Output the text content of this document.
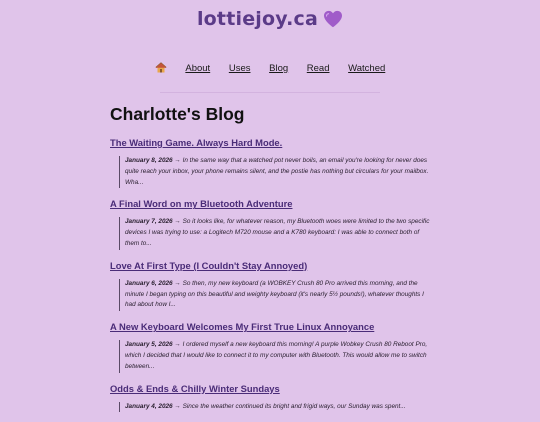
lottiejoy.ca
About Uses Blog Read Watched
Charlotte's Blog
The Waiting Game. Always Hard Mode.
January 8, 2026 → In the same way that a watched pot never boils, an email you're looking for never does quite reach your inbox, your phone remains silent, and the postie has nothing but circulars for your mailbox. Wha...
A Final Word on my Bluetooth Adventure
January 7, 2026 → So it looks like, for whatever reason, my Bluetooth woes were limited to the two specific devices I was trying to use: a Logitech M720 mouse and a K780 keyboard: I was able to connect both of them to...
Love At First Type (I Couldn't Stay Annoyed)
January 6, 2026 → So then, my new keyboard (a WOBKEY Crush 80 Pro arrived this morning, and the minute I began typing on this beautiful and weighty keyboard (it's nearly 5½ pounds!), whatever thoughts I had about how I...
A New Keyboard Welcomes My First True Linux Annoyance
January 5, 2026 → I ordered myself a new keyboard this morning! A purple Wobkey Crush 80 Reboot Pro, which I decided that I would like to connect it to my computer with Bluetooth. This would allow me to switch between...
Odds & Ends & Chilly Winter Sundays
January 4, 2026 → Since the weather continued its bright and frigid ways, our Sunday was spent...
